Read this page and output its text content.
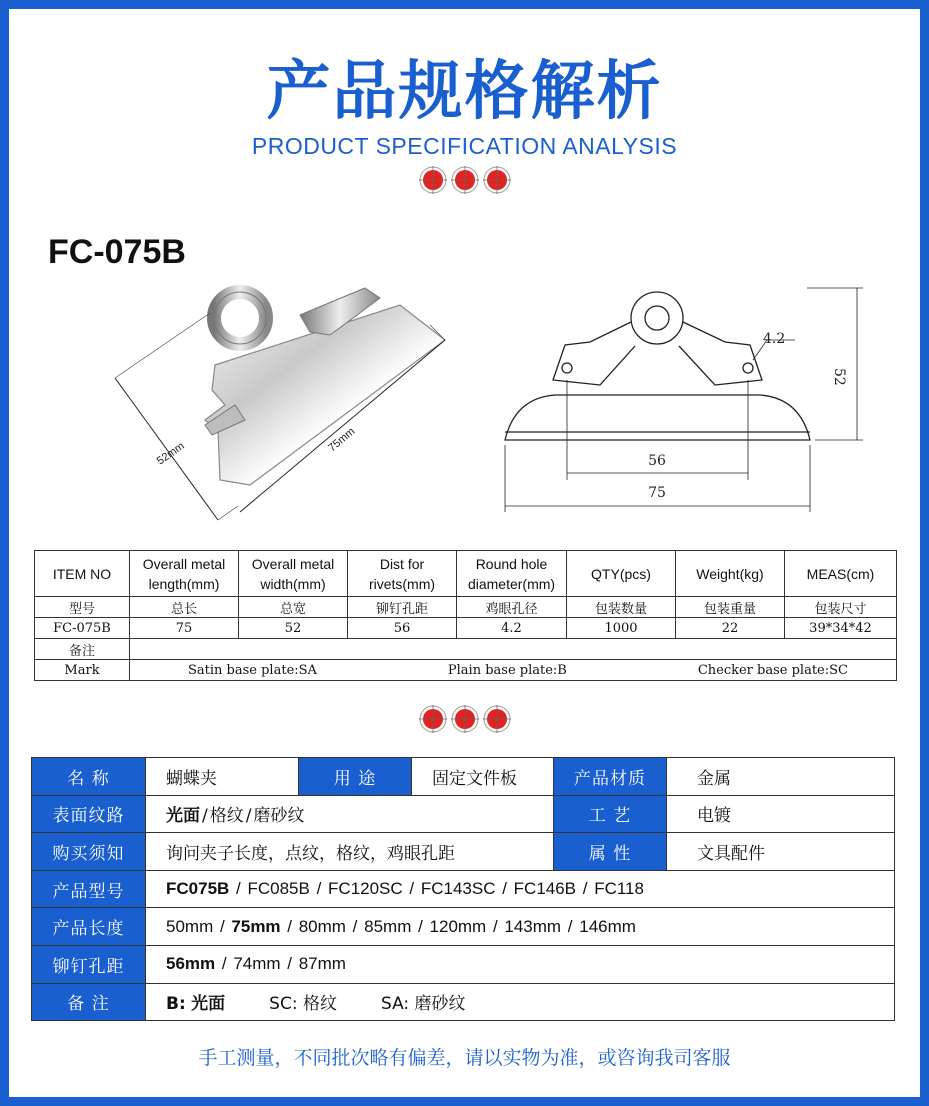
产品规格解析
PRODUCT SPECIFICATION ANALYSIS
FC-075B
52mm	75mm
56
75
52
4.2
ITEM NO	Overall metal length(mm)	Overall metal width(mm)	Dist for rivets(mm)	Round hole diameter(mm)	QTY(pcs)	Weight(kg)	MEAS(cm)
型号	总长	总宽	铆钉孔距	鸡眼孔径	包装数量	包装重量	包装尺寸
FC-075B	75	52	56	4.2	1000	22	39*34*42
备注							
Mark	Satin base plate:SA Plain base plate:B Checker base plate:SC						
名 称	蝴蝶夹	用 途	固定文件板	产品材质	金属
表面纹路	光面 / 格纹 / 磨砂纹			工 艺	电镀
购买须知	询问夹子长度，点纹，格纹，鸡眼孔距			属 性	文具配件
产品型号	FC075B / FC085B / FC120SC / FC143SC / FC146B / FC118				
产品长度	50mm / 75mm / 80mm / 85mm / 120mm / 143mm / 146mm				
铆钉孔距	56mm / 74mm / 87mm				
备 注	B: 光面 SC: 格纹 SA: 磨砂纹				
手工测量，不同批次略有偏差，请以实物为准，或咨询我司客服
